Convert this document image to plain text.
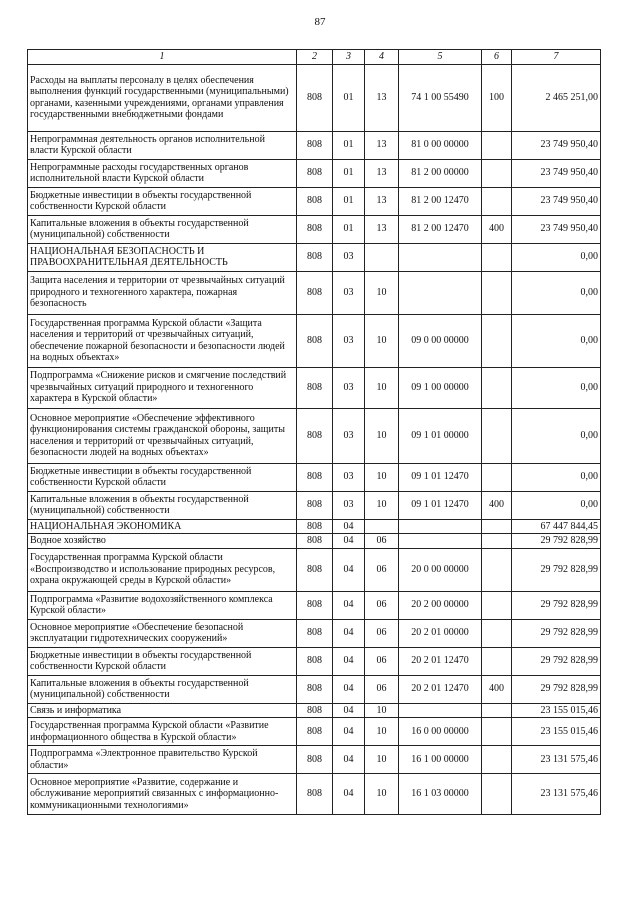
87
1	2	3	4	5	6	7
Расходы на выплаты персоналу в целях обеспечения выполнения функций государственными (муниципальными) органами, казенными учреждениями, органами управления государственными внебюджетными фондами	808	01	13	74 1 00 55490	100	2 465 251,00
Непрограммная деятельность органов исполнительной власти Курской области	808	01	13	81 0 00 00000		23 749 950,40
Непрограммные расходы государственных органов исполнительной власти Курской области	808	01	13	81 2 00 00000		23 749 950,40
Бюджетные инвестиции в объекты государственной собственности Курской области	808	01	13	81 2 00 12470		23 749 950,40
Капитальные вложения в объекты государственной (муниципальной) собственности	808	01	13	81 2 00 12470	400	23 749 950,40
НАЦИОНАЛЬНАЯ БЕЗОПАСНОСТЬ И ПРАВООХРАНИТЕЛЬНАЯ ДЕЯТЕЛЬНОСТЬ	808	03				0,00
Защита населения и территории от чрезвычайных ситуаций природного и техногенного характера, пожарная безопасность	808	03	10			0,00
Государственная программа Курской области «Защита населения и территорий от чрезвычайных ситуаций, обеспечение пожарной безопасности и безопасности людей на водных объектах»	808	03	10	09 0 00 00000		0,00
Подпрограмма «Снижение рисков и смягчение последствий чрезвычайных ситуаций природного и техногенного характера в Курской области»	808	03	10	09 1 00 00000		0,00
Основное мероприятие «Обеспечение эффективного функционирования системы гражданской обороны, защиты населения и территорий от чрезвычайных ситуаций, безопасности людей на водных объектах»	808	03	10	09 1 01 00000		0,00
Бюджетные инвестиции в объекты государственной собственности Курской области	808	03	10	09 1 01 12470		0,00
Капитальные вложения в объекты государственной (муниципальной) собственности	808	03	10	09 1 01 12470	400	0,00
НАЦИОНАЛЬНАЯ ЭКОНОМИКА	808	04				67 447 844,45
Водное хозяйство	808	04	06			29 792 828,99
Государственная программа Курской области «Воспроизводство и использование природных ресурсов, охрана окружающей среды в Курской области»	808	04	06	20 0 00 00000		29 792 828,99
Подпрограмма «Развитие водохозяйственного комплекса Курской области»	808	04	06	20 2 00 00000		29 792 828,99
Основное мероприятие «Обеспечение безопасной эксплуатации гидротехнических сооружений»	808	04	06	20 2 01 00000		29 792 828,99
Бюджетные инвестиции в объекты государственной собственности Курской области	808	04	06	20 2 01 12470		29 792 828,99
Капитальные вложения в объекты государственной (муниципальной) собственности	808	04	06	20 2 01 12470	400	29 792 828,99
Связь и информатика	808	04	10			23 155 015,46
Государственная программа Курской области «Развитие информационного общества в Курской области»	808	04	10	16 0 00 00000		23 155 015,46
Подпрограмма «Электронное правительство Курской области»	808	04	10	16 1 00 00000		23 131 575,46
Основное мероприятие «Развитие, содержание и обслуживание мероприятий связанных с информационно-коммуникационными технологиями»	808	04	10	16 1 03 00000		23 131 575,46
